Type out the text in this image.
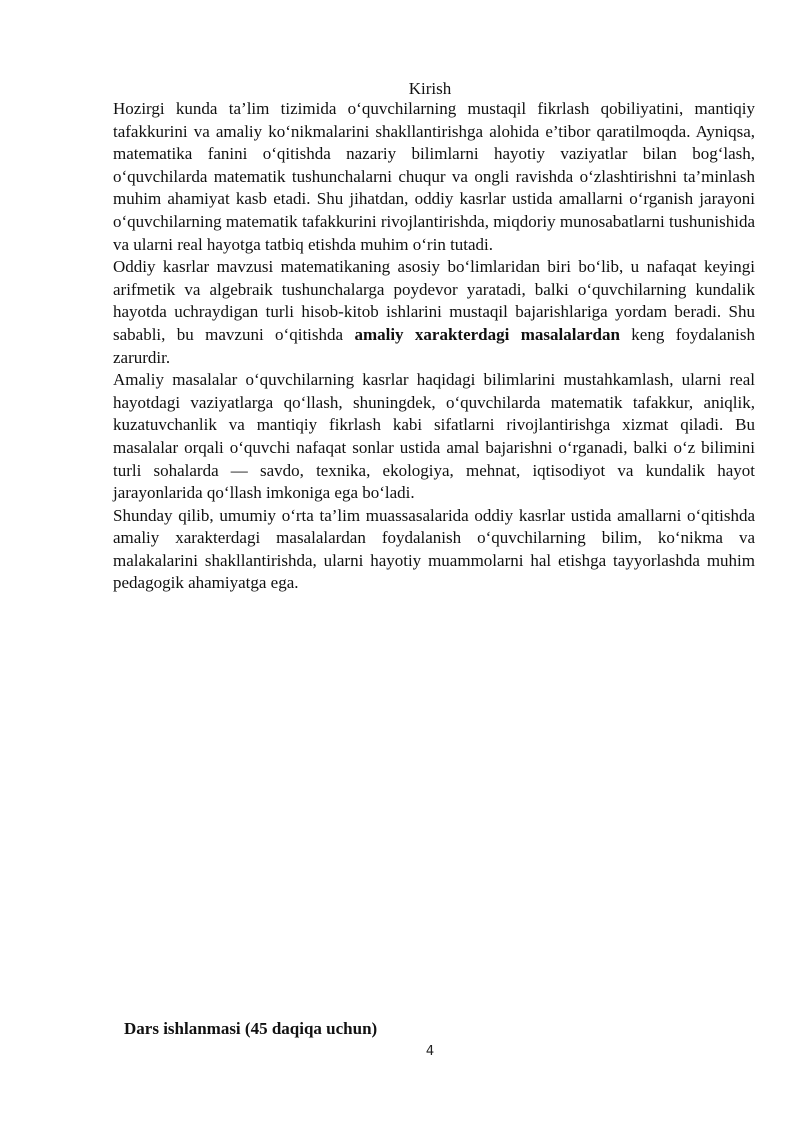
Kirish

Hozirgi kunda ta’lim tizimida o‘quvchilarning mustaqil fikrlash qobiliyatini, mantiqiy tafakkurini va amaliy ko‘nikmalarini shakllantirishga alohida e’tibor qaratilmoqda. Ayniqsa, matematika fanini o‘qitishda nazariy bilimlarni hayotiy vaziyatlar bilan bog‘lash, o‘quvchilarda matematik tushunchalarni chuqur va ongli ravishda o‘zlashtirishni ta’minlash muhim ahamiyat kasb etadi. Shu jihatdan, oddiy kasrlar ustida amallarni o‘rganish jarayoni o‘quvchilarning matematik tafakkurini rivojlantirishda, miqdoriy munosabatlarni tushunishida va ularni real hayotga tatbiq etishda muhim o‘rin tutadi.

Oddiy kasrlar mavzusi matematikaning asosiy bo‘limlaridan biri bo‘lib, u nafaqat keyingi arifmetik va algebraik tushunchalarga poydevor yaratadi, balki o‘quvchilarning kundalik hayotda uchraydigan turli hisob-kitob ishlarini mustaqil bajarishlariga yordam beradi. Shu sababli, bu mavzuni o‘qitishda amaliy xarakterdagi masalalardan keng foydalanish zarurdir.

Amaliy masalalar o‘quvchilarning kasrlar haqidagi bilimlarini mustahkamlash, ularni real hayotdagi vaziyatlarga qo‘llash, shuningdek, o‘quvchilarda matematik tafakkur, aniqlik, kuzatuvchanlik va mantiqiy fikrlash kabi sifatlarni rivojlantirishga xizmat qiladi. Bu masalalar orqali o‘quvchi nafaqat sonlar ustida amal bajarishni o‘rganadi, balki o‘z bilimini turli sohalarda — savdo, texnika, ekologiya, mehnat, iqtisodiyot va kundalik hayot jarayonlarida qo‘llash imkoniga ega bo‘ladi.

Shunday qilib, umumiy o‘rta ta’lim muassasalarida oddiy kasrlar ustida amallarni o‘qitishda amaliy xarakterdagi masalalardan foydalanish o‘quvchilarning bilim, ko‘nikma va malakalarini shakllantirishda, ularni hayotiy muammolarni hal etishga tayyorlashda muhim pedagogik ahamiyatga ega.

Dars ishlanmasi (45 daqiqa uchun)
4
